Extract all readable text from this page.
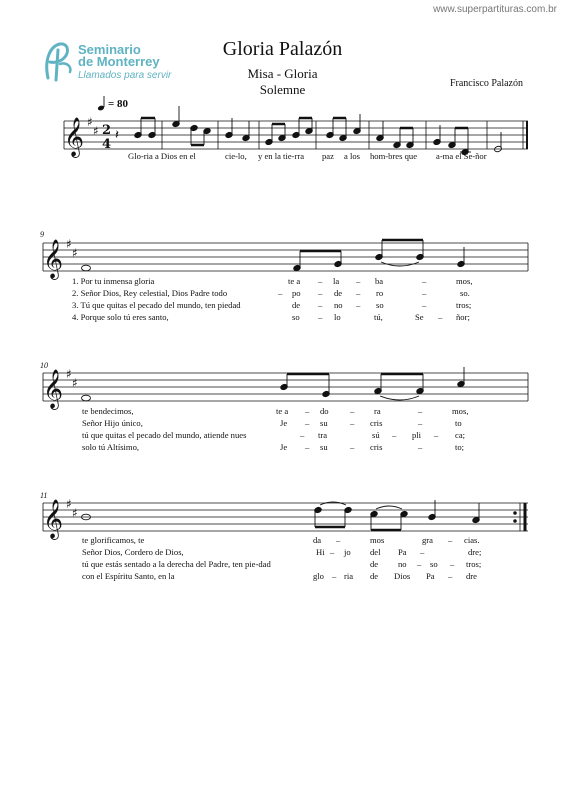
www.superpartituras.com.br
Seminario
de Monterrey
Llamados para servir
Gloria Palazón
Misa - Gloria
Solemne	Francisco Palazón
𝄞
𝄞
𝄞
𝄞
♯
♯
♯
♯
♯
♯
♯
♯
2
4
𝄽
= 80
9
10
11
Glo-ria a Dios en el	cie-lo, y en la tie-rra paz a los hom-bres que a-ma el Se-ñor
1. Por tu inmensa gloria	te a – la – ba	–	mos,
2. Señor Dios, Rey celestial, Dios Padre todo	– po – de – ro	–	so.
3. Tú que quitas el pecado del mundo, ten piedad	de – no – so	–	tros;
4. Porque solo tú eres santo,	so – lo	tú,	Se – ñor;
te bendecimos,	te a – do – ra	–	mos,
Señor Hijo único,	Je – su	– cris	–	to
tú que quitas el pecado del mundo, atiende nues	– tra	sú – pli – ca;
solo tú Altísimo,	Je – su	– cris	–	to;
te glorificamos, te	da –	mos	gra – cias.
Señor Dios, Cordero de Dios,	Hi – jo del Pa –	dre;
tú que estás sentado a la derecha del Padre, ten pie-dad	de no – so – tros;
con el Espíritu Santo, en la	glo – ria de Dios Pa – dre
